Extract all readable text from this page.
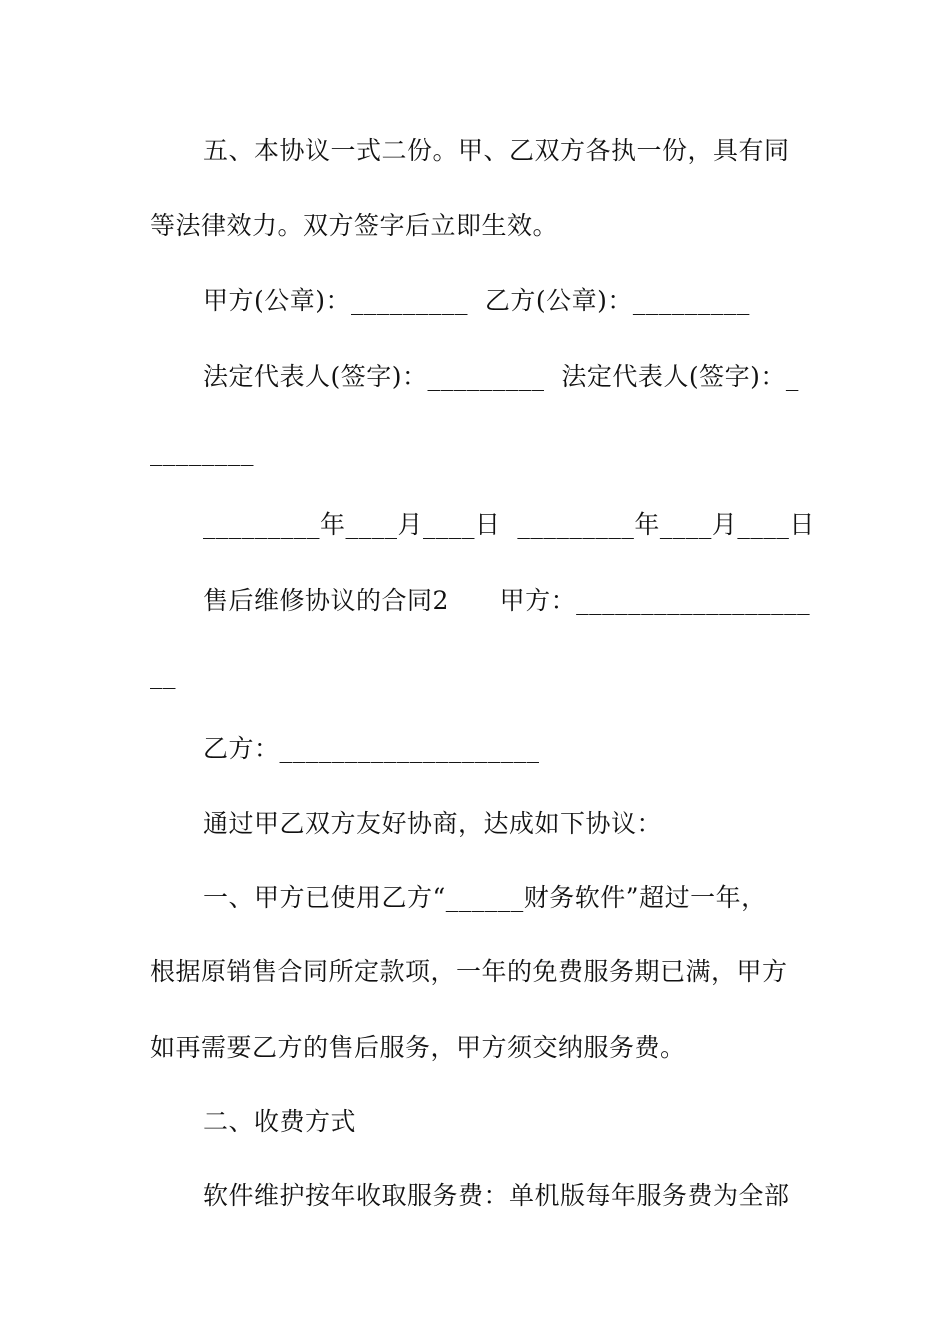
五、本协议一式二份。甲、乙双方各执一份，具有同
等法律效力。双方签字后立即生效。
甲方(公章)：_________  乙方(公章)：_________
法定代表人(签字)：_________  法定代表人(签字)：_
________
_________年____月____日  _________年____月____日
售后维修协议的合同2      甲方：__________________
__
乙方：____________________
通过甲乙双方友好协商，达成如下协议：
一、甲方已使用乙方“______财务软件”超过一年，
根据原销售合同所定款项，一年的免费服务期已满，甲方
如再需要乙方的售后服务，甲方须交纳服务费。
二、收费方式
软件维护按年收取服务费：单机版每年服务费为全部
